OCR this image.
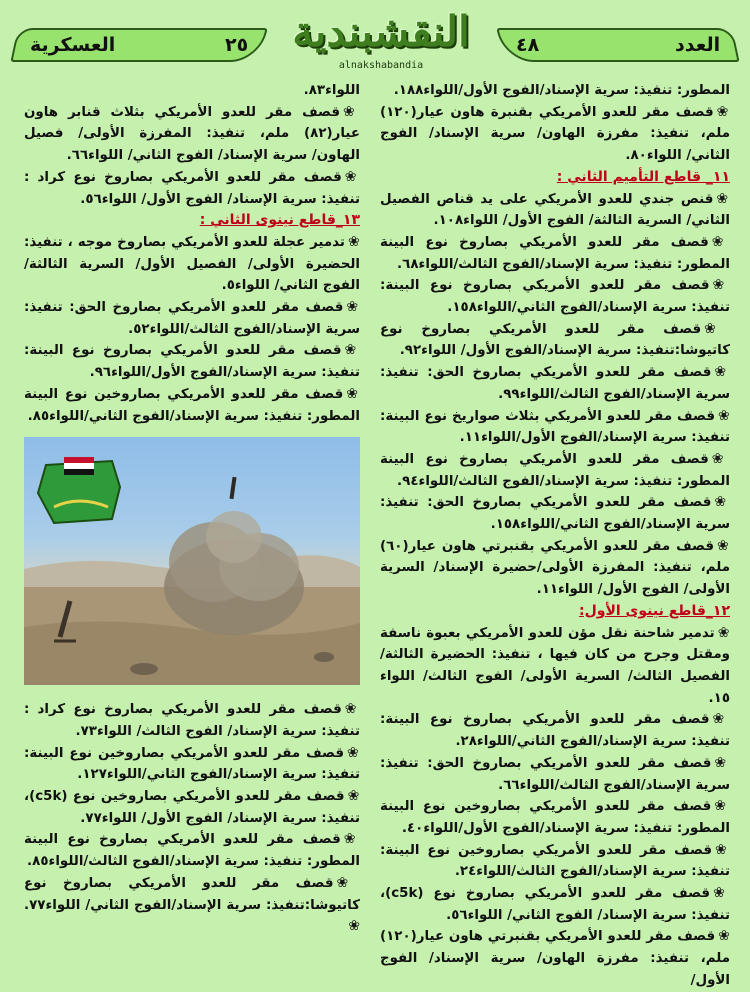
العدد
٤٨
النقشبندية
alnakshabandia
٢٥
العسكرية

المطور: تنفيذ: سرية الإسناد/الفوج الأول/اللواء١٨٨.

❀قصف مقر للعدو الأمريكي بقنبرة هاون عيار(١٢٠) ملم، تنفيذ: مفرزة الهاون/ سرية الإسناد/ الفوج الثاني/ اللواء٨٠.

١١_ قاطع التأميم الثاني :

❀قنص جندي للعدو الأمريكي على يد قناص الفصيل الثاني/ السرية الثالثة/ الفوج الأول/ اللواء١٠٨.

❀قصف مقر للعدو الأمريكي بصاروخ نوع البينة المطور: تنفيذ: سرية الإسناد/الفوج الثالث/اللواء٦٨.

❀قصف مقر للعدو الأمريكي بصاروخ نوع البينة: تنفيذ: سرية الإسناد/الفوج الثاني/اللواء١٥٨.

❀قصف مقر للعدو الأمريكي بصاروخ نوع كاتيوشا:تنفيذ: سرية الإسناد/الفوج الأول/ اللواء٩٢.

❀قصف مقر للعدو الأمريكي بصاروخ الحق: تنفيذ: سرية الإسناد/الفوج الثالث/اللواء٩٩.

❀قصف مقر للعدو الأمريكي بثلاث صواريخ نوع البينة: تنفيذ: سرية الإسناد/الفوج الأول/اللواء١١.

❀قصف مقر للعدو الأمريكي بصاروخ نوع البينة المطور: تنفيذ: سرية الإسناد/الفوج الثالث/اللواء٩٤.

❀قصف مقر للعدو الأمريكي بصاروخ الحق: تنفيذ: سرية الإسناد/الفوج الثاني/اللواء١٥٨.

❀قصف مقر للعدو الأمريكي بقنبرتي هاون عيار(٦٠) ملم، تنفيذ: المفرزة الأولى/حضيرة الإسناد/ السرية الأولى/ الفوج الأول/ اللواء١١.

١٢_قاطع نينوى الأول:

❀تدمير شاحنة نقل مؤن للعدو الأمريكي بعبوة ناسفة ومقتل وجرح من كان فيها ، تنفيذ: الحضيرة الثالثة/ الفصيل الثالث/ السرية الأولى/ الفوج الثالث/ اللواء ١٥.

❀قصف مقر للعدو الأمريكي بصاروخ نوع البينة: تنفيذ: سرية الإسناد/الفوج الثاني/اللواء٢٨.

❀قصف مقر للعدو الأمريكي بصاروخ الحق: تنفيذ: سرية الإسناد/الفوج الثالث/اللواء٦٦.

❀قصف مقر للعدو الأمريكي بصاروخين نوع البينة المطور: تنفيذ: سرية الإسناد/الفوج الأول/اللواء٤٠.

❀قصف مقر للعدو الأمريكي بصاروخين نوع البينة: تنفيذ: سرية الإسناد/الفوج الثالث/اللواء٢٤.

❀قصف مقر للعدو الأمريكي بصاروخ نوع (c5k)، تنفيذ: سرية الإسناد/ الفوج الثاني/ اللواء٥٦.

❀قصف مقر للعدو الأمريكي بقنبرتي هاون عيار(١٢٠) ملم، تنفيذ: مفرزة الهاون/ سرية الإسناد/ الفوج الأول/

اللواء٨٣.

❀قصف مقر للعدو الأمريكي بثلاث قنابر هاون عيار(٨٢) ملم، تنفيذ: المفرزة الأولى/ فصيل الهاون/ سرية الإسناد/ الفوج الثاني/ اللواء٦٦.

❀قصف مقر للعدو الأمريكي بصاروخ نوع كراد : تنفيذ: سرية الإسناد/ الفوج الأول/ اللواء٥٦.

١٣_قاطع نينوى الثاني :

❀تدمير عجلة للعدو الأمريكي بصاروخ موجه ، تنفيذ: الحضيرة الأولى/ الفصيل الأول/ السرية الثالثة/ الفوج الثاني/ اللواء٥.

❀قصف مقر للعدو الأمريكي بصاروخ الحق: تنفيذ: سرية الإسناد/الفوج الثالث/اللواء٥٢.

❀قصف مقر للعدو الأمريكي بصاروخ نوع البينة: تنفيذ: سرية الإسناد/الفوج الأول/اللواء٩٦.

❀قصف مقر للعدو الأمريكي بصاروخين نوع البينة المطور: تنفيذ: سرية الإسناد/الفوج الثاني/اللواء٨٥.

❀قصف مقر للعدو الأمريكي بصاروخ نوع كراد : تنفيذ: سرية الإسناد/ الفوج الثالث/ اللواء٧٣.

❀قصف مقر للعدو الأمريكي بصاروخين نوع البينة: تنفيذ: سرية الإسناد/الفوج الثاني/اللواء١٢٧.

❀قصف مقر للعدو الأمريكي بصاروخين نوع (c5k)، تنفيذ: سرية الإسناد/ الفوج الأول/ اللواء٧٧.

❀قصف مقر للعدو الأمريكي بصاروخ نوع البينة المطور: تنفيذ: سرية الإسناد/الفوج الثالث/اللواء٨٥.

❀قصف مقر للعدو الأمريكي بصاروخ نوع كاتيوشا:تنفيذ: سرية الإسناد/الفوج الثاني/ اللواء٧٧. ❀
